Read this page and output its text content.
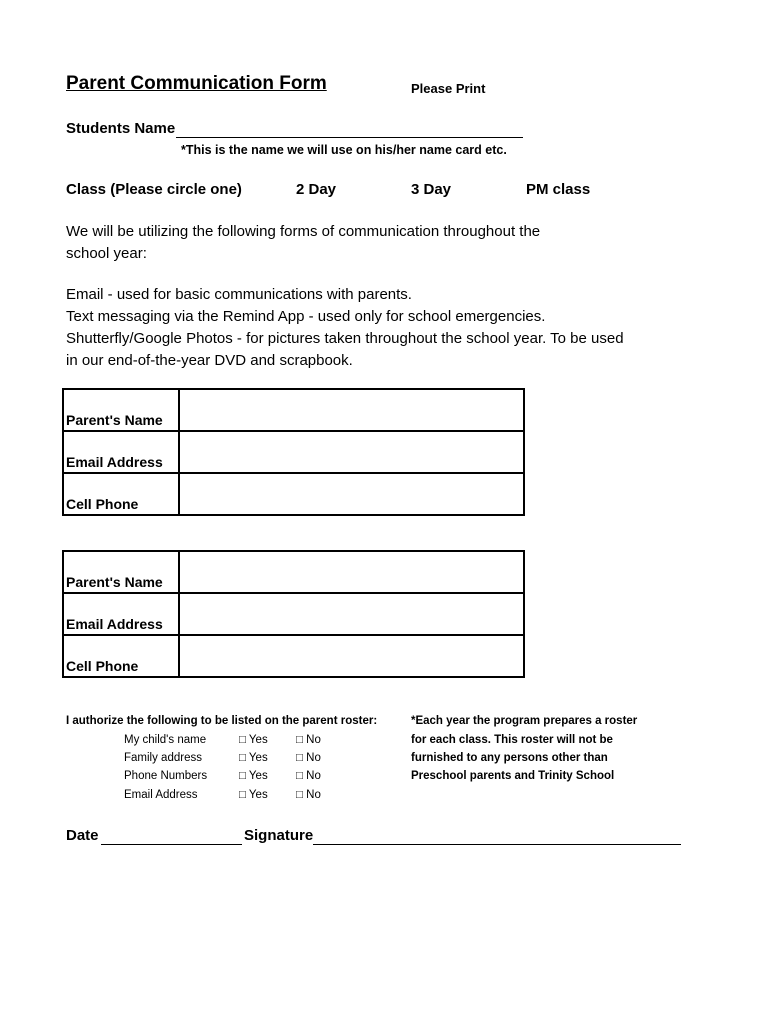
Parent Communication Form	Please Print
Students Name
*This is the name we will use on his/her name card etc.
Class (Please circle one)	2 Day	3 Day	PM class
We will be utilizing the following forms of communication throughout the
school year:
Email - used for basic communications with parents.
Text messaging via the Remind App - used only for school emergencies.
Shutterfly/Google Photos - for pictures taken throughout the school year. To be used
in our end-of-the-year DVD and scrapbook.
Parent's Name	
Email Address	
Cell Phone	
Parent's Name	
Email Address	
Cell Phone	
I authorize the following to be listed on the parent roster:
My child's name	□ Yes □ No
Family address	□ Yes □ No
Phone Numbers	□ Yes □ No
Email Address	□ Yes □ No
*Each year the program prepares a roster
for each class. This roster will not be
furnished to any persons other than
Preschool parents and Trinity School
Date	Signature
